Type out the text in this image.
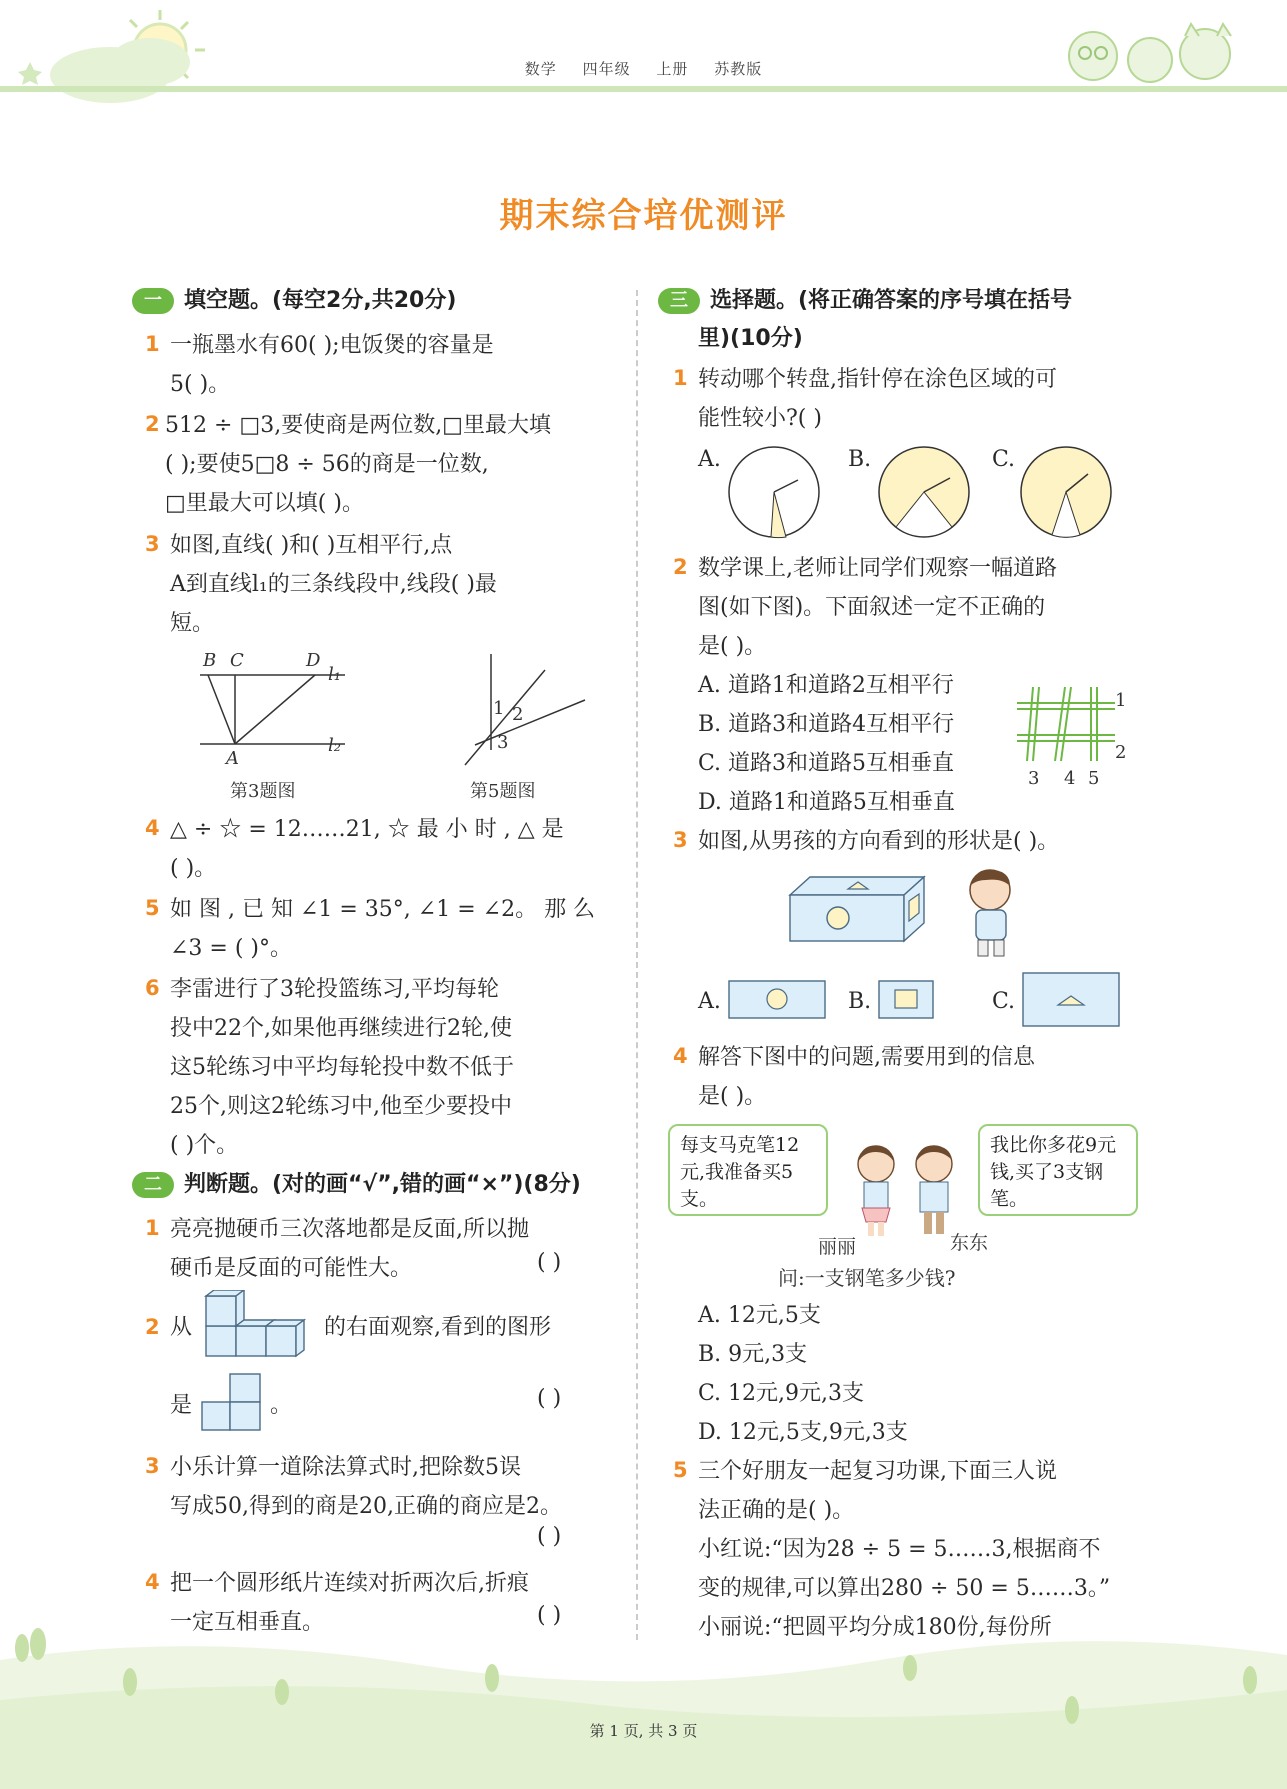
数学 四年级 上册 苏教版
期末综合培优测评
一 填空题。(每空2分,共20分)
1 一瓶墨水有60( );电饭煲的容量是
5( )。
2 512 ÷ □3,要使商是两位数,□里最大填
( );要使5□8 ÷ 56的商是一位数,
□里最大可以填( )。
3 如图,直线( )和( )互相平行,点
A到直线l₁的三条线段中,线段( )最
短。
B C	D
l₁
l₂
A
第3题图
1 2
3
第5题图
4 △ ÷ ☆ = 12……21, ☆ 最 小 时 , △ 是
( )。
5 如 图 , 已 知 ∠1 = 35°, ∠1 = ∠2。 那 么
∠3 = ( )°。
6 李雷进行了3轮投篮练习,平均每轮
投中22个,如果他再继续进行2轮,使
这5轮练习中平均每轮投中数不低于
25个,则这2轮练习中,他至少要投中
( )个。
二 判断题。(对的画“√”,错的画“×”)(8分)
1 亮亮抛硬币三次落地都是反面,所以抛
硬币是反面的可能性大。	( )
2 从	的右面观察,看到的图形
是	。	( )
3 小乐计算一道除法算式时,把除数5误
写成50,得到的商是20,正确的商应是2。
( )
4 把一个圆形纸片连续对折两次后,折痕
一定互相垂直。	( )
三 选择题。(将正确答案的序号填在括号
里)(10分)
1 转动哪个转盘,指针停在涂色区域的可
能性较小?( )
A.	B.	C.
2 数学课上,老师让同学们观察一幅道路
图(如下图)。下面叙述一定不正确的
是( )。
A. 道路1和道路2互相平行
B. 道路3和道路4互相平行
C. 道路3和道路5互相垂直
D. 道路1和道路5互相垂直
1
2
3 4 5
3 如图,从男孩的方向看到的形状是( )。
A.	B.	C.
4 解答下图中的问题,需要用到的信息
是( )。
每支马克笔12元,我准备买5支。
我比你多花9元钱,买了3支钢笔。
丽丽	东东
问:一支钢笔多少钱?
A. 12元,5支
B. 9元,3支
C. 12元,9元,3支
D. 12元,5支,9元,3支
5 三个好朋友一起复习功课,下面三人说
法正确的是( )。
小红说:“因为28 ÷ 5 = 5……3,根据商不
变的规律,可以算出280 ÷ 50 = 5……3。”
小丽说:“把圆平均分成180份,每份所
第 1 页, 共 3 页
